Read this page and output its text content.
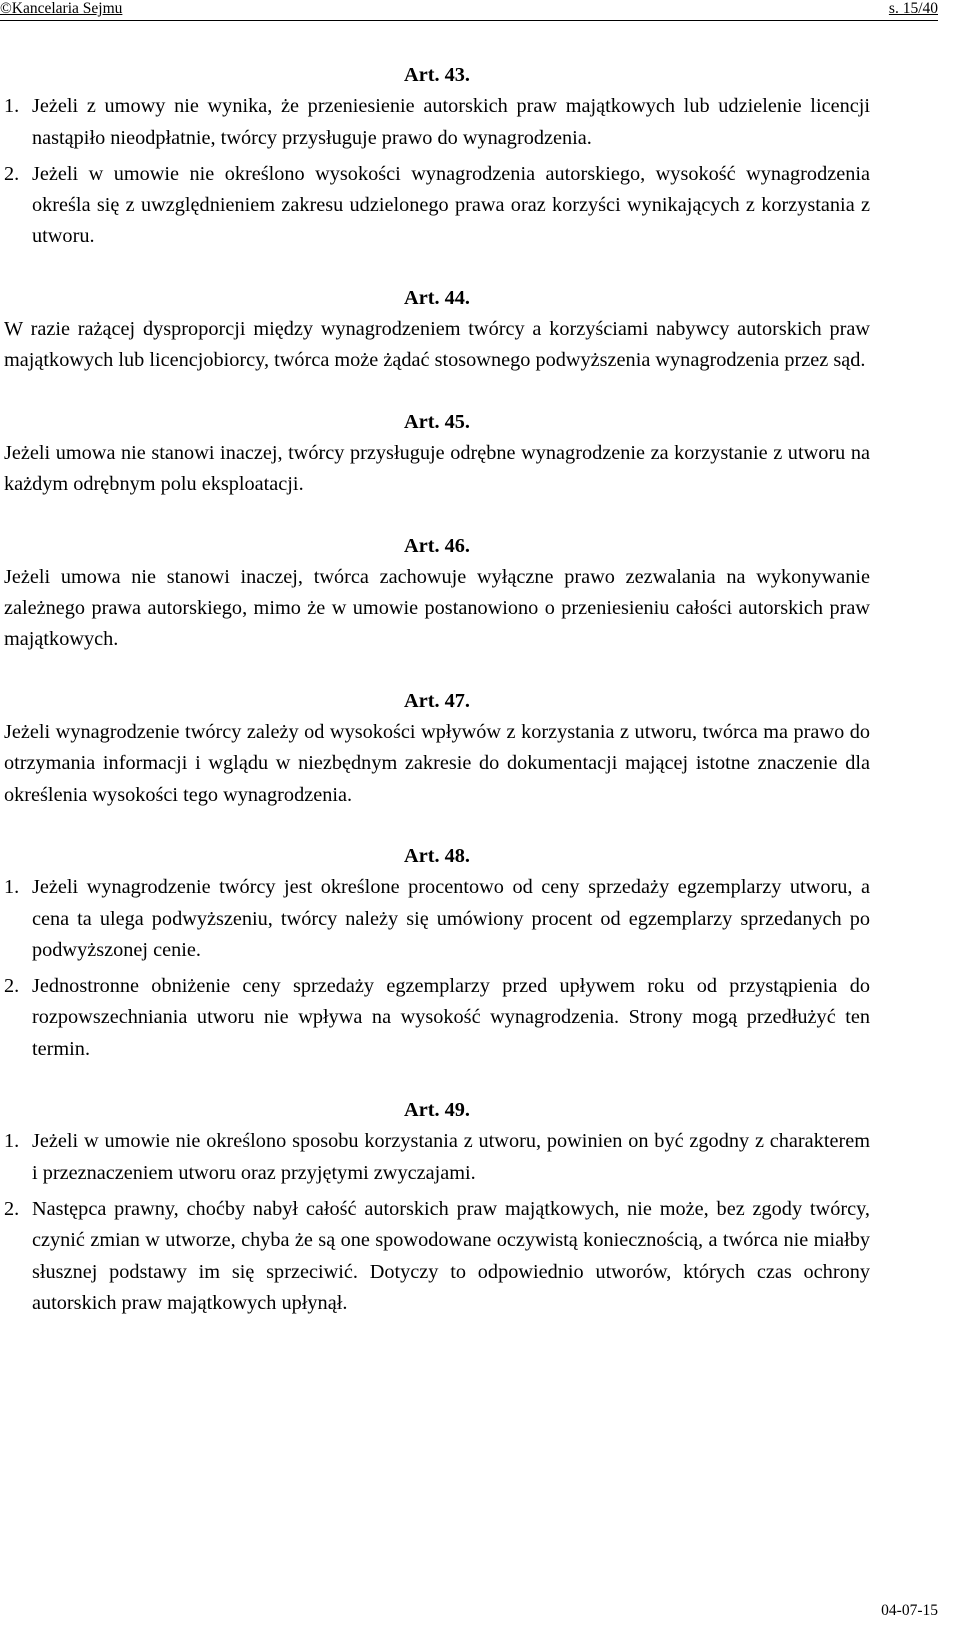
©Kancelaria Sejmu	s. 15/40

Art. 43.

1. Jeżeli z umowy nie wynika, że przeniesienie autorskich praw majątkowych lub udzielenie licencji nastąpiło nieodpłatnie, twórcy przysługuje prawo do wynagrodzenia.
2. Jeżeli w umowie nie określono wysokości wynagrodzenia autorskiego, wysokość wynagrodzenia określa się z uwzględnieniem zakresu udzielonego prawa oraz korzyści wynikających z korzystania z utworu.

Art. 44.

W razie rażącej dysproporcji między wynagrodzeniem twórcy a korzyściami nabywcy autorskich praw majątkowych lub licencjobiorcy, twórca może żądać stosownego podwyższenia wynagrodzenia przez sąd.

Art. 45.

Jeżeli umowa nie stanowi inaczej, twórcy przysługuje odrębne wynagrodzenie za korzystanie z utworu na każdym odrębnym polu eksploatacji.

Art. 46.

Jeżeli umowa nie stanowi inaczej, twórca zachowuje wyłączne prawo zezwalania na wykonywanie zależnego prawa autorskiego, mimo że w umowie postanowiono o przeniesieniu całości autorskich praw majątkowych.

Art. 47.

Jeżeli wynagrodzenie twórcy zależy od wysokości wpływów z korzystania z utworu, twórca ma prawo do otrzymania informacji i wglądu w niezbędnym zakresie do dokumentacji mającej istotne znaczenie dla określenia wysokości tego wynagrodzenia.

Art. 48.

1. Jeżeli wynagrodzenie twórcy jest określone procentowo od ceny sprzedaży egzemplarzy utworu, a cena ta ulega podwyższeniu, twórcy należy się umówiony procent od egzemplarzy sprzedanych po podwyższonej cenie.
2. Jednostronne obniżenie ceny sprzedaży egzemplarzy przed upływem roku od przystąpienia do rozpowszechniania utworu nie wpływa na wysokość wynagrodzenia. Strony mogą przedłużyć ten termin.

Art. 49.

1. Jeżeli w umowie nie określono sposobu korzystania z utworu, powinien on być zgodny z charakterem i przeznaczeniem utworu oraz przyjętymi zwyczajami.
2. Następca prawny, choćby nabył całość autorskich praw majątkowych, nie może, bez zgody twórcy, czynić zmian w utworze, chyba że są one spowodowane oczywistą koniecznością, a twórca nie miałby słusznej podstawy im się sprzeciwić. Dotyczy to odpowiednio utworów, których czas ochrony autorskich praw majątkowych upłynął.
04-07-15
